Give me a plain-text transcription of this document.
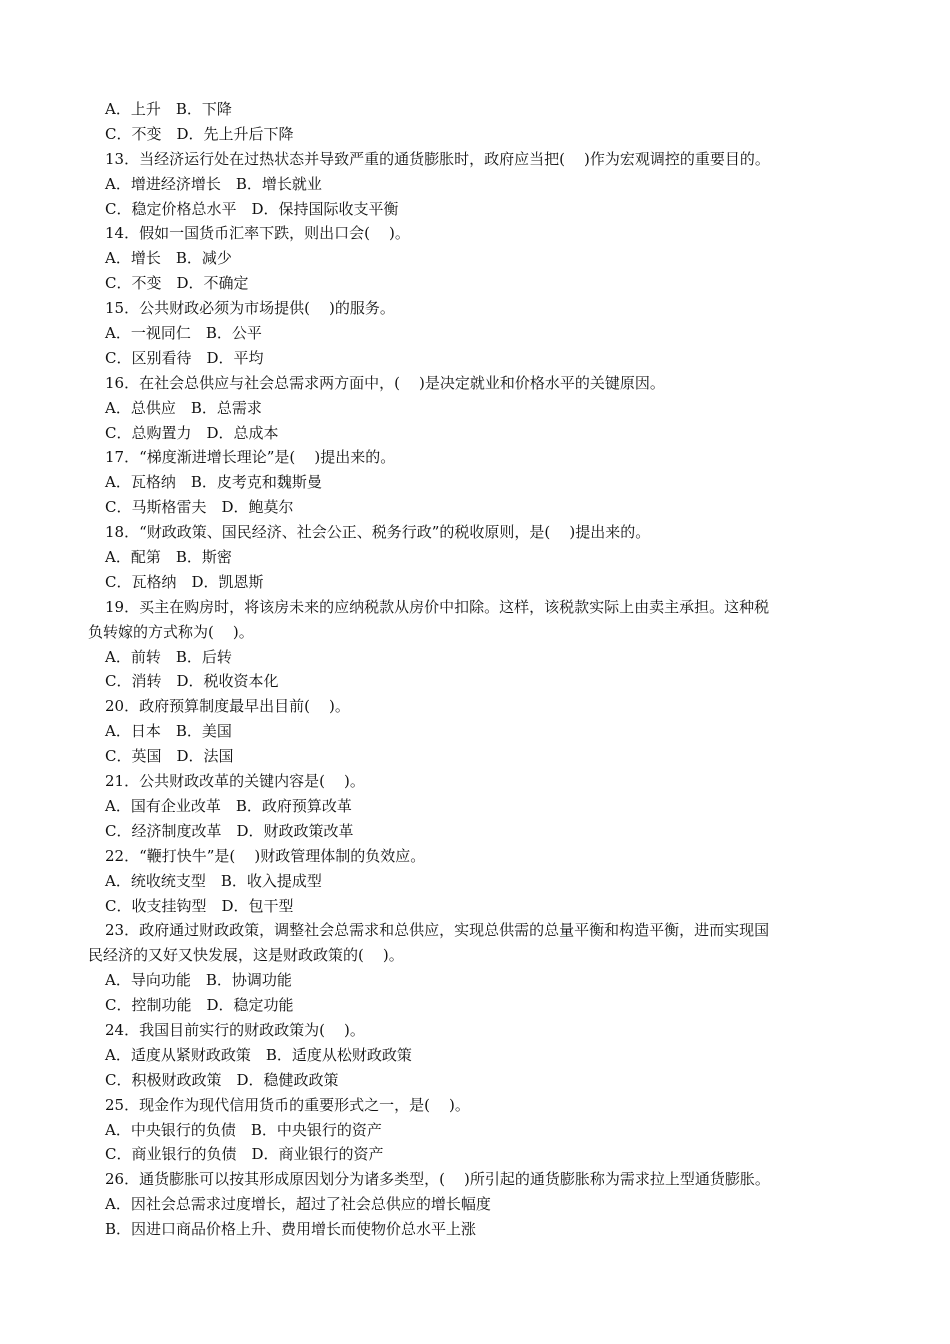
A．上升　B．下降
C．不变　D．先上升后下降
13．当经济运行处在过热状态并导致严重的通货膨胀时，政府应当把(    )作为宏观调控的重要目的。
A．增进经济增长　B．增长就业
C．稳定价格总水平　D．保持国际收支平衡
14．假如一国货币汇率下跌，则出口会(    )。
A．增长　B．减少
C．不变　D．不确定
15．公共财政必须为市场提供(    )的服务。
A．一视同仁　B．公平
C．区别看待　D．平均
16．在社会总供应与社会总需求两方面中，(    )是决定就业和价格水平的关键原因。
A．总供应　B．总需求
C．总购置力　D．总成本
17．“梯度渐进增长理论”是(    )提出来的。
A．瓦格纳　B．皮考克和魏斯曼
C．马斯格雷夫　D．鲍莫尔
18．“财政政策、国民经济、社会公正、税务行政”的税收原则，是(    )提出来的。
A．配第　B．斯密
C．瓦格纳　D．凯恩斯
19．买主在购房时，将该房未来的应纳税款从房价中扣除。这样，该税款实际上由卖主承担。这种税
负转嫁的方式称为(    )。
A．前转　B．后转
C．消转　D．税收资本化
20．政府预算制度最早出目前(    )。
A．日本　B．美国
C．英国　D．法国
21．公共财政改革的关键内容是(    )。
A．国有企业改革　B．政府预算改革
C．经济制度改革　D．财政政策改革
22．“鞭打快牛”是(    )财政管理体制的负效应。
A．统收统支型　B．收入提成型
C．收支挂钩型　D．包干型
23．政府通过财政政策，调整社会总需求和总供应，实现总供需的总量平衡和构造平衡，进而实现国
民经济的又好又快发展，这是财政政策的(    )。
A．导向功能　B．协调功能
C．控制功能　D．稳定功能
24．我国目前实行的财政政策为(    )。
A．适度从紧财政政策　B．适度从松财政政策
C．积极财政政策　D．稳健政政策
25．现金作为现代信用货币的重要形式之一，是(    )。
A．中央银行的负债　B．中央银行的资产
C．商业银行的负债　D．商业银行的资产
26．通货膨胀可以按其形成原因划分为诸多类型，(    )所引起的通货膨胀称为需求拉上型通货膨胀。
A．因社会总需求过度增长，超过了社会总供应的增长幅度
B．因进口商品价格上升、费用增长而使物价总水平上涨
